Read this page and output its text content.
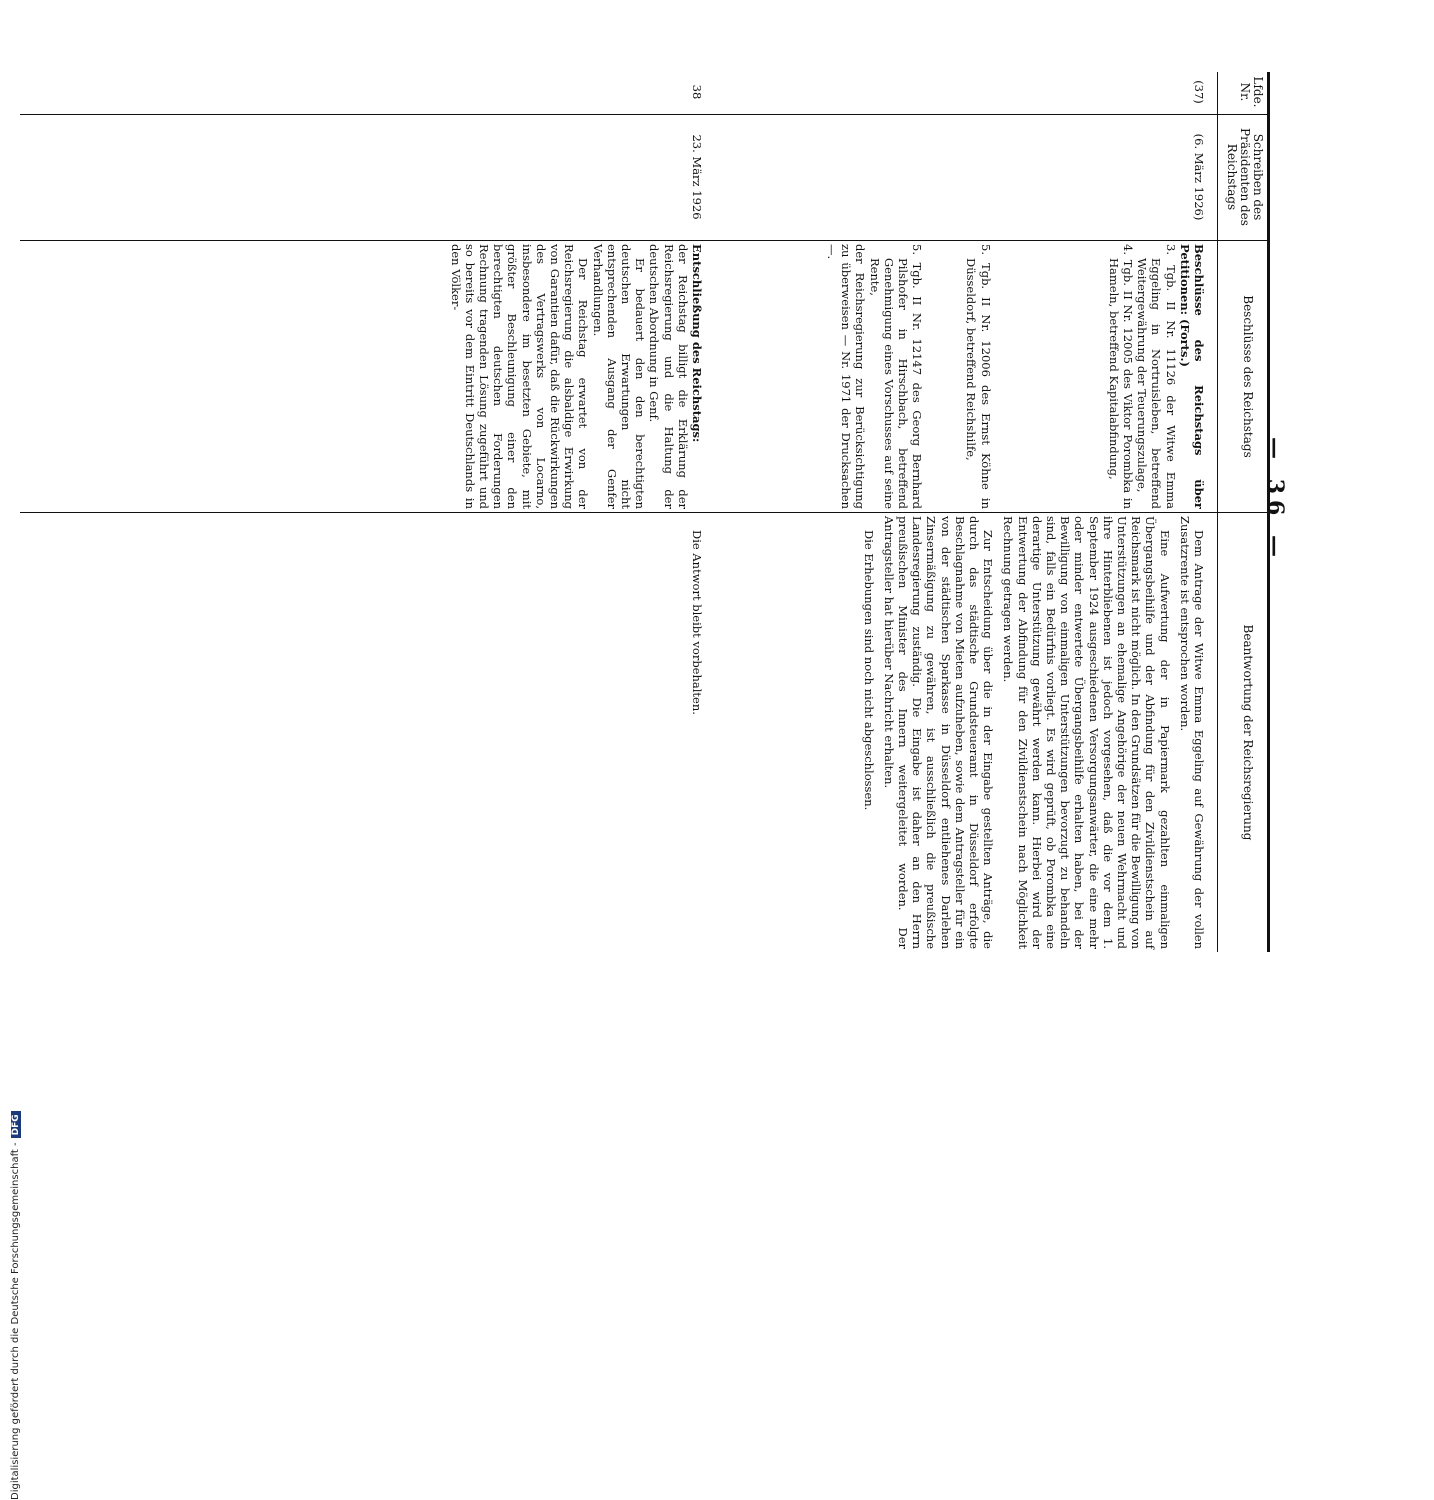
— 36 —
Lfde. Nr.
Schreiben des Präsidenten des Reichstags
Beschlüsse des Reichstags
Beantwortung der Reichsregierung
(37)
(6. März 1926)
Beschlüsse des Reichstags über Petitionen: (Forts.)
3. Tgb. II Nr. 11126 der Witwe Emma Eggeling in Nortruisleben, betreffend Weitergewährung der Teuerungszulage,
4. Tgb. II Nr. 12005 des Viktor Porombka in Hameln, betreffend Kapitalabfindung,
5. Tgb. II Nr. 12006 des Ernst Köhne in Düsseldorf, betreffend Reichshilfe,
5. Tgb. II Nr. 12147 des Georg Bernhard Pilshofer in Hirschbach, betreffend Genehmigung eines Vorschusses auf seine Rente,
der Reichsregierung zur Berücksichtigung zu überweisen — Nr. 1971 der Drucksachen —.
Dem Antrage der Witwe Emma Eggeling auf Gewährung der vollen Zusatzrente ist entsprochen worden.
Eine Aufwertung der in Papiermark gezahlten einmaligen Übergangsbeihilfe und der Abfindung für den Zivildienstschein auf Reichsmark ist nicht möglich. In den Grundsätzen für die Bewilligung von Unterstützungen an ehemalige Angehörige der neuen Wehrmacht und ihre Hinterbliebenen ist jedoch vorgesehen, daß die vor dem 1. September 1924 ausgeschiedenen Versorgungsanwärter, die eine mehr oder minder entwertete Übergangsbeihilfe erhalten haben, bei der Bewilligung von einmaligen Unterstützungen bevorzugt zu behandeln sind, falls ein Bedürfnis vorliegt. Es wird geprüft, ob Porombka eine derartige Unterstützung gewährt werden kann. Hierbei wird der Entwertung der Abfindung für den Zivildienstschein nach Möglichkeit Rechnung getragen werden.
Zur Entscheidung über die in der Eingabe gestellten Anträge, die durch das städtische Grundsteueramt in Düsseldorf erfolgte Beschlagnahme von Mieten aufzuheben, sowie dem Antragsteller für ein von der städtischen Sparkasse in Düsseldorf entliehenes Darlehen Zinsermäßigung zu gewähren, ist ausschließlich die preußische Landesregierung zuständig. Die Eingabe ist daher an den Herrn preußischen Minister des Innern weitergeleitet worden. Der Antragsteller hat hierüber Nachricht erhalten.
Die Erhebungen sind noch nicht abgeschlossen.
38
23. März 1926
Entschließung des Reichstags:
der Reichstag billigt die Erklärung der Reichsregierung und die Haltung der deutschen Abordnung in Genf.
Er bedauert den den berechtigten deutschen Erwartungen nicht entsprechenden Ausgang der Genfer Verhandlungen.
Der Reichstag erwartet von der Reichsregierung die alsbaldige Erwirkung von Garantien dafür, daß die Rückwirkungen des Vertragswerks von Locarno, insbesondere im besetzten Gebiete, mit größter Beschleunigung einer den berechtigten deutschen Forderungen Rechnung tragenden Lösung zugeführt und so bereits vor dem Eintritt Deutschlands in den Völker-
Die Antwort bleibt vorbehalten.
Digitalisierung gefördert durch die Deutsche Forschungsgemeinschaft -DFG
